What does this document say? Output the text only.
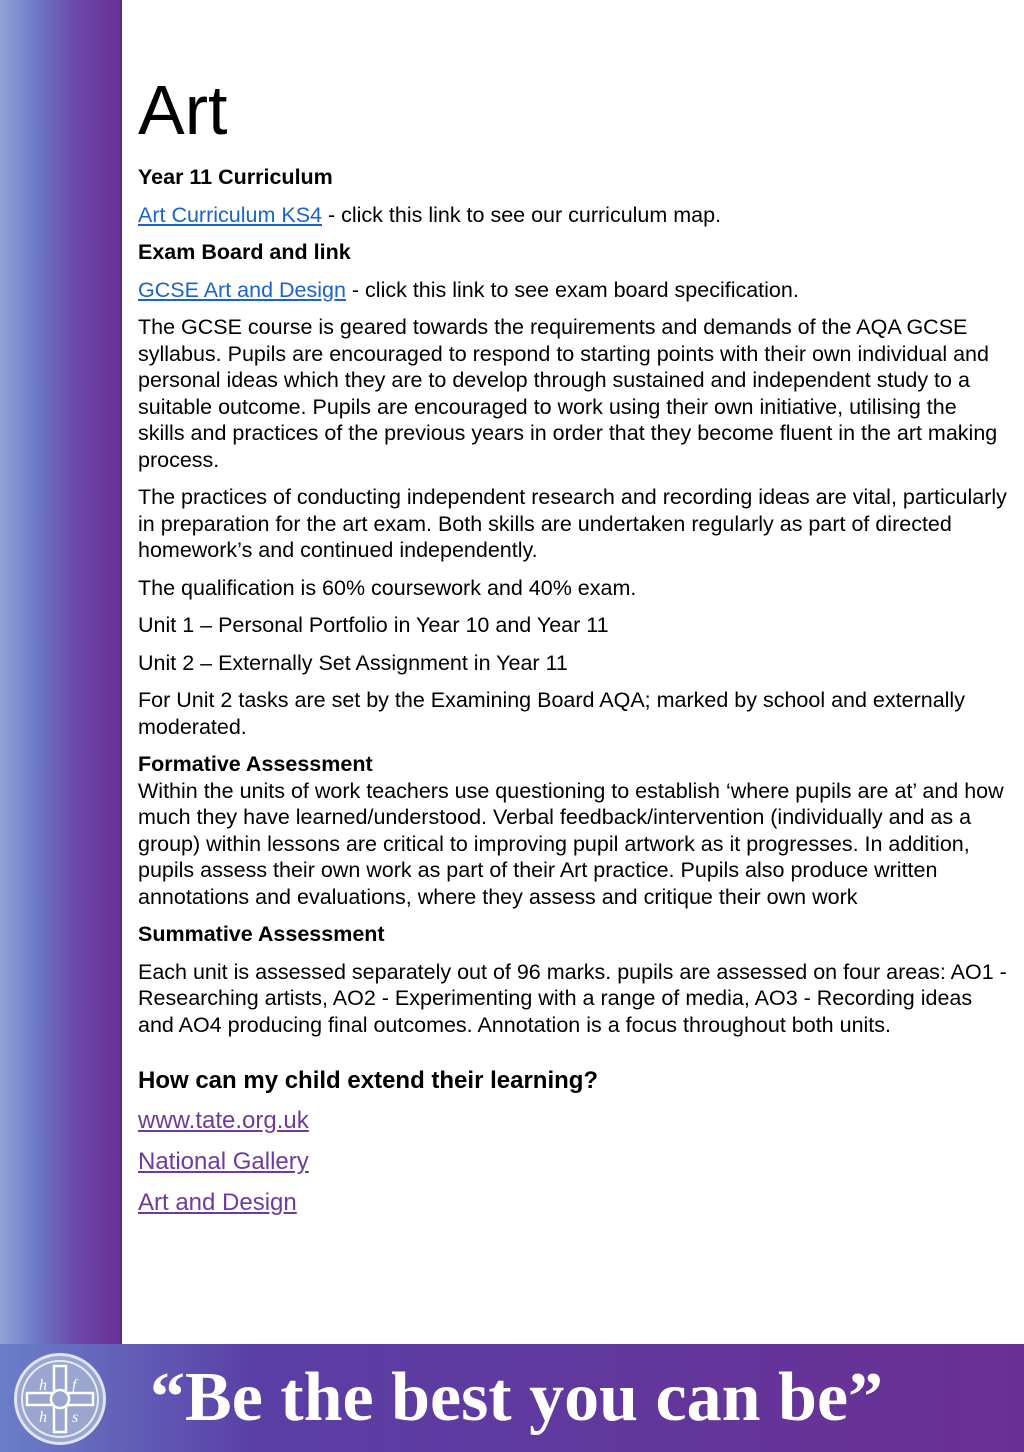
Art

Year 11 Curriculum

Art Curriculum KS4 - click this link to see our curriculum map.

Exam Board and link

GCSE Art and Design - click this link to see exam board specification.

The GCSE course is geared towards the requirements and demands of the AQA GCSE syllabus. Pupils are encouraged to respond to starting points with their own individual and personal ideas which they are to develop through sustained and independent study to a suitable outcome. Pupils are encouraged to work using their own initiative, utilising the skills and practices of the previous years in order that they become fluent in the art making process.

The practices of conducting independent research and recording ideas are vital, particularly in preparation for the art exam. Both skills are undertaken regularly as part of directed homework’s and continued independently.

The qualification is 60% coursework and 40% exam.

Unit 1 – Personal Portfolio in Year 10 and Year 11

Unit 2 – Externally Set Assignment in Year 11

For Unit 2 tasks are set by the Examining Board AQA; marked by school and externally moderated.

Formative Assessment

Within the units of work teachers use questioning to establish ‘where pupils are at’ and how much they have learned/understood. Verbal feedback/intervention (individually and as a group) within lessons are critical to improving pupil artwork as it progresses. In addition, pupils assess their own work as part of their Art practice. Pupils also produce written annotations and evaluations, where they assess and critique their own work

Summative Assessment

Each unit is assessed separately out of 96 marks. pupils are assessed on four areas: AO1 - Researching artists, AO2 - Experimenting with a range of media, AO3 - Recording ideas and AO4 producing final outcomes. Annotation is a focus throughout both units.

How can my child extend their learning?
www.tate.org.uk
National Gallery
Art and Design
h f
h s “Be the best you can be”
